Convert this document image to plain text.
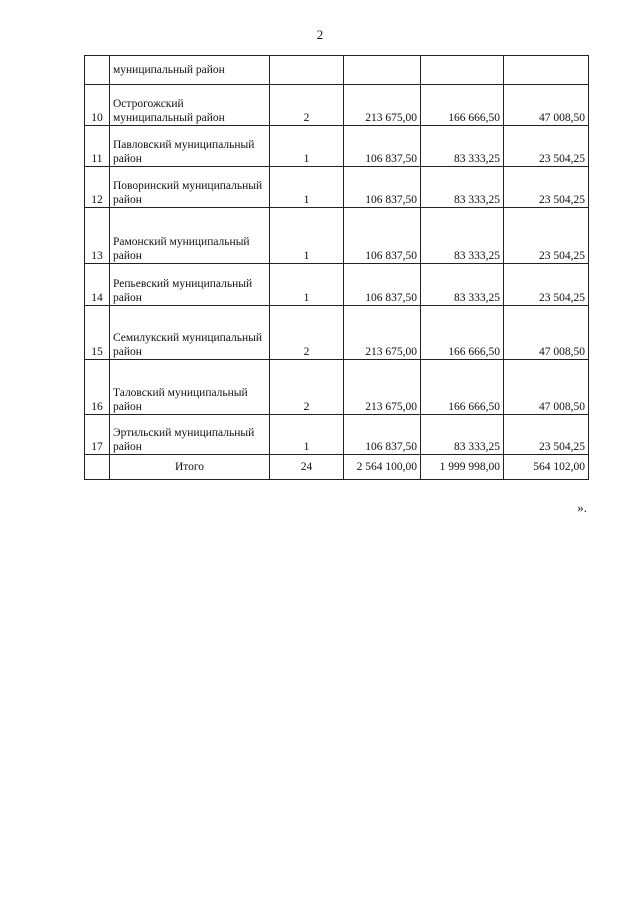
2
	муниципальный район				
10	Острогожский муниципальный район	2	213 675,00	166 666,50	47 008,50
11	Павловский муниципальный район	1	106 837,50	83 333,25	23 504,25
12	Поворинский муниципальный район	1	106 837,50	83 333,25	23 504,25
13	Рамонский муниципальный район	1	106 837,50	83 333,25	23 504,25
14	Репьевский муниципальный район	1	106 837,50	83 333,25	23 504,25
15	Семилукский муниципальный район	2	213 675,00	166 666,50	47 008,50
16	Таловский муниципальный район	2	213 675,00	166 666,50	47 008,50
17	Эртильский муниципальный район	1	106 837,50	83 333,25	23 504,25
	Итого	24	2 564 100,00	1 999 998,00	564 102,00
».
